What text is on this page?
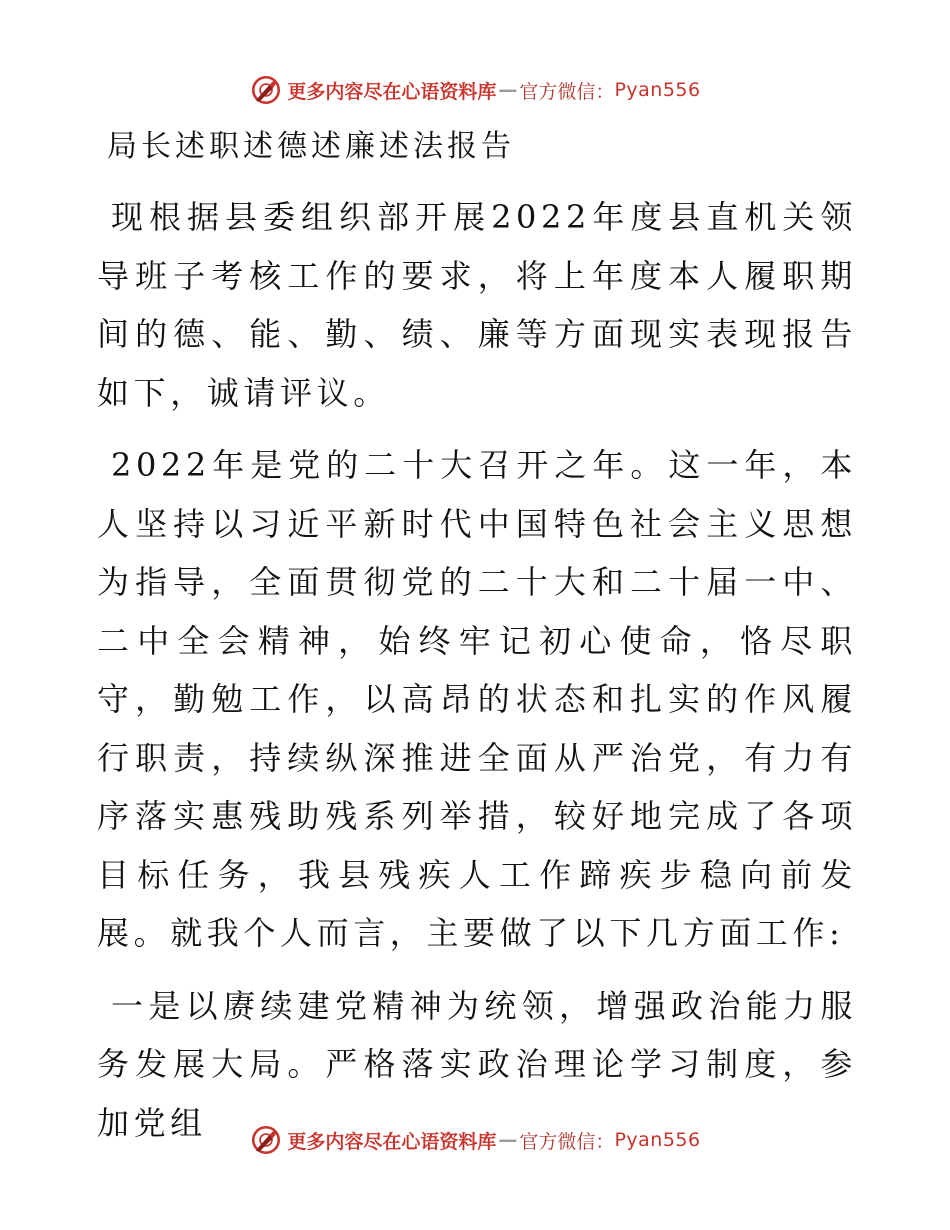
更多内容尽在心语资料库 — 官方微信： Pyan556
局长述职述德述廉述法报告

现根据县委组织部开展2022年度县直机关领导班子考核工作的要求，将上年度本人履职期间的德、能、勤、绩、廉等方面现实表现报告如下，诚请评议。

2022年是党的二十大召开之年。这一年，本人坚持以习近平新时代中国特色社会主义思想为指导，全面贯彻党的二十大和二十届一中、二中全会精神，始终牢记初心使命，恪尽职守，勤勉工作，以高昂的状态和扎实的作风履行职责，持续纵深推进全面从严治党，有力有序落实惠残助残系列举措，较好地完成了各项目标任务，我县残疾人工作蹄疾步稳向前发展。就我个人而言，主要做了以下几方面工作:

一是以赓续建党精神为统领，增强政治能力服务发展大局。严格落实政治理论学习制度，参加党组	更多内容尽在心语资料库 — 官方微信： Pyan556
